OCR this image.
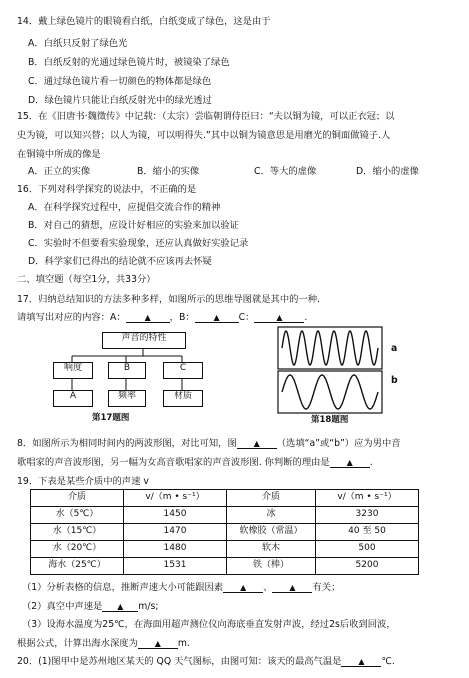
14．戴上绿色镜片的眼镜看白纸，白纸变成了绿色，这是由于
A．白纸只反射了绿色光
B．白纸反射的光通过绿色镜片时，被镜染了绿色
C．通过绿色镜片看一切颜色的物体都是绿色
D．绿色镜片只能让白纸反射光中的绿光透过
15．在《旧唐书·魏徵传》中记载：（太宗）尝临朝谓侍臣曰：“夫以铜为镜，可以正衣冠；以
史为镜，可以知兴替；以人为镜，可以明得失.”其中以铜为镜意思是用磨光的铜面做镜子.人
在铜镜中所成的像是
A．正立的实像	B．缩小的实像	C．等大的虚像	D．缩小的虚像
16．下列对科学探究的说法中，不正确的是
A．在科学探究过程中，应提倡交流合作的精神
B．对自己的猜想，应设计好相应的实验来加以验证
C．实验时不但要看实验现象，还应认真做好实验记录
D．科学家们已得出的结论就不应该再去怀疑
二、填空题（每空1分，共33分）
17．归纳总结知识的方法多种多样，如图所示的思维导图就是其中的一种.
请填写出对应的内容：A： ▲ ，B： ▲ C：	▲ .
声音的特性
响度	B	C
A	频率	材质
第17题图
a
b
第18题图
8．如图所示为相同时间内的两波形图，对比可知，图 ▲ （选填“a”或“b”）应为男中音
歌唱家的声音波形图，另一幅为女高音歌唱家的声音波形图. 你判断的理由是 ▲ .
19．下表是某些介质中的声速 v
介质	v/（m • s⁻¹）	介质	v/（m • s⁻¹）
水（5℃）	1450	冰	3230
水（15℃）	1470	软橡胶（常温）	40 至 50
水（20℃）	1480	软木	500
海水（25℃）	1531	铁（棒）	5200
（1）分析表格的信息，推断声速大小可能跟因素 ▲ 、 ▲ 有关；
（2）真空中声速是 ▲ m/s;
（3）设海水温度为25℃，在海面用超声测位仪向海底垂直发射声波，经过2s后收到回波，
根据公式，计算出海水深度为 ▲ m.
20．(1)图甲中是苏州地区某天的 QQ 天气图标，由图可知：该天的最高气温是 ▲ ℃.
